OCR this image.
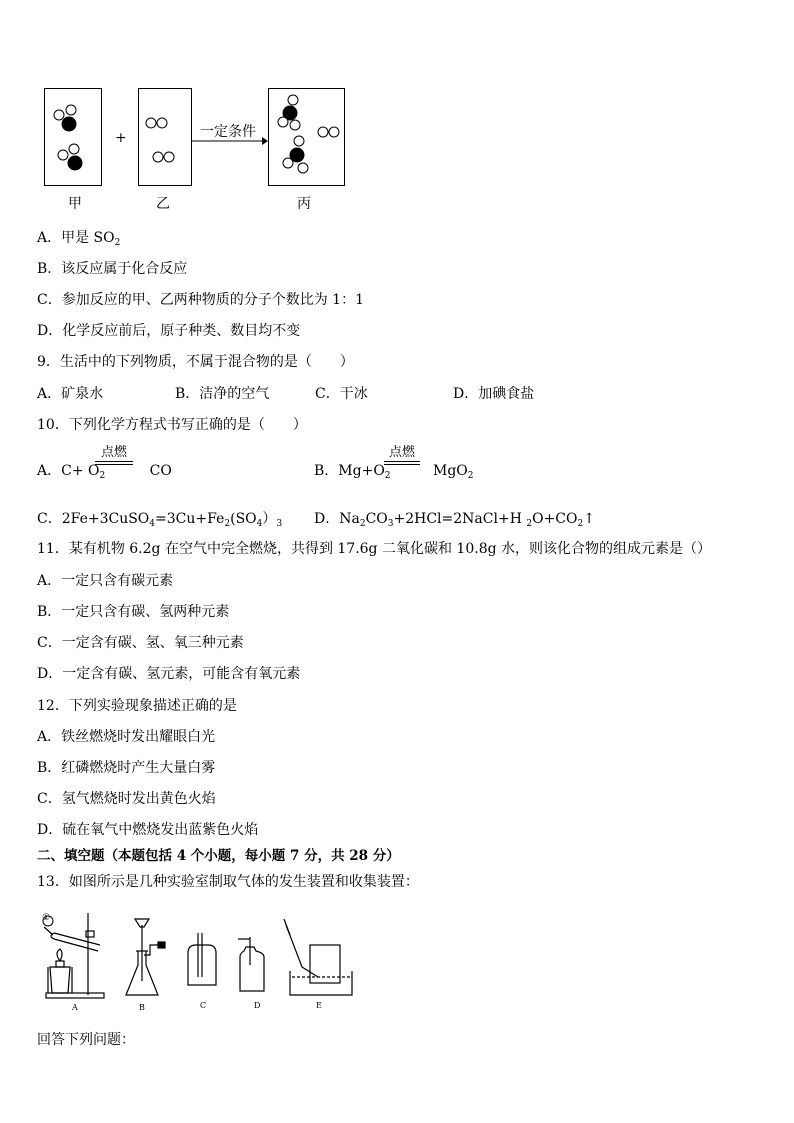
+	一定条件
甲	乙	丙
A．甲是 $SO_2$
B．该反应属于化合反应
C．参加反应的甲、乙两种物质的分子个数比为 1：1
D．化学反应前后，原子种类、数目均不变
9．生活中的下列物质，不属于混合物的是（　　）
A．矿泉水	B．洁净的空气	C．干冰	D．加碘食盐
10．下列化学方程式书写正确的是（　　）
A．$C+ O_2$	CO
点燃
B．$Mg+O_2$	MgO$_2$
点燃
C．$2Fe+3CuSO_4=3Cu+Fe_2(SO_4)_3$ D．$Na_2CO_3+2HCl=2NaCl+H$ $_2O+CO_2↑$
11．某有机物 6.2g 在空气中完全燃烧，共得到 17.6g 二氧化碳和 10.8g 水，则该化合物的组成元素是（）
A．一定只含有碳元素
B．一定只含有碳、氢两种元素
C．一定含有碳、氢、氧三种元素
D．一定含有碳、氢元素，可能含有氧元素
12．下列实验现象描述正确的是
A．铁丝燃烧时发出耀眼白光
B．红磷燃烧时产生大量白雾
C．氢气燃烧时发出黄色火焰
D．硫在氧气中燃烧发出蓝紫色火焰
二、填空题（本题包括 4 个小题，每小题 7 分，共 28 分）
13．如图所示是几种实验室制取气体的发生装置和收集装置：
①
A	B	C	D	E
回答下列问题：
